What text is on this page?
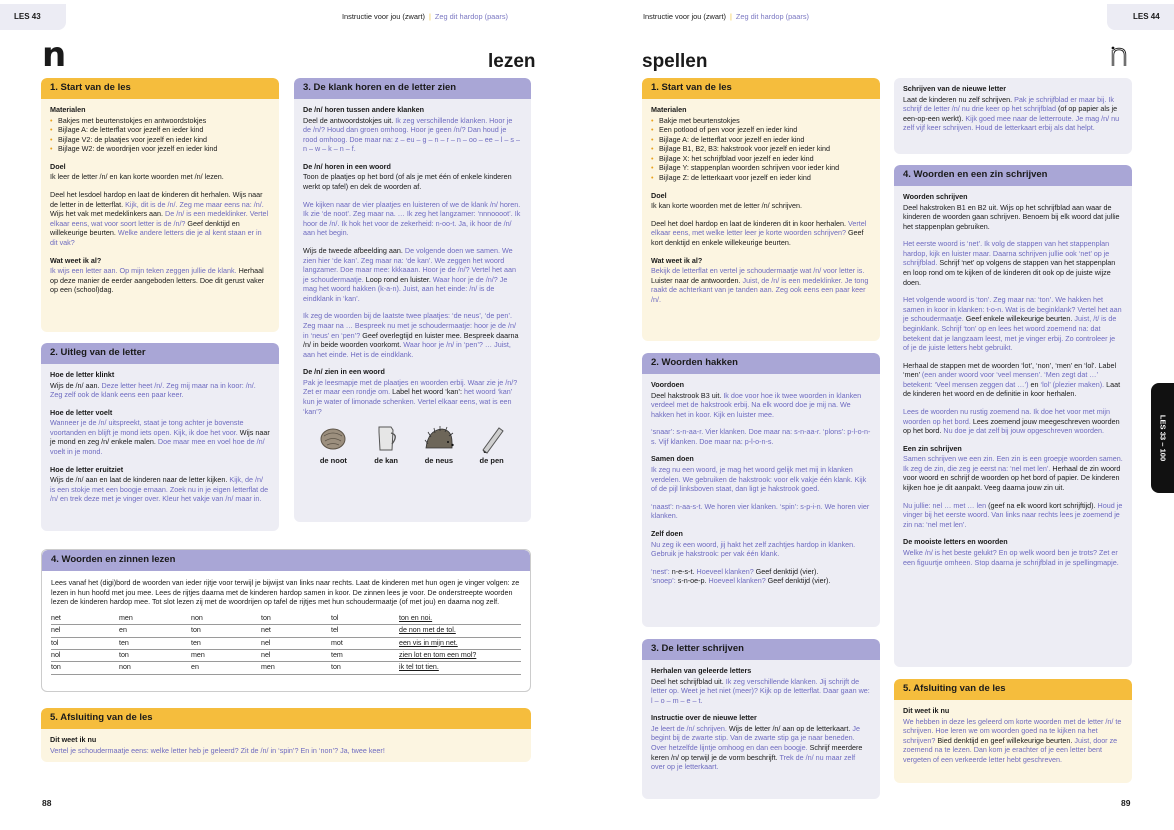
LES 43	Instructie voor jou (zwart) | Zeg dit hardop (paars)
n	lezen
1. Start van de les
Materialen
• Bakjes met beurtenstokjes en antwoordstokjes
• Bijlage A: de letterflat voor jezelf en ieder kind
• Bijlage V2: de plaatjes voor jezelf en ieder kind
• Bijlage W2: de woordrijen voor jezelf en ieder kind
Doel

Ik leer de letter /n/ en kan korte woorden met /n/ lezen.

Deel het lesdoel hardop en laat de kinderen dit herhalen. Wijs naar de letter in de letterflat. Kijk, dit is de /n/. Zeg me maar eens na: /n/. Wijs het vak met medeklinkers aan. De /n/ is een medeklinker. Vertel elkaar eens, wat voor soort letter is de /n/? Geef denktijd en willekeurige beurten. Welke andere letters die je al kent staan er in dit vak?

Wat weet ik al?

Ik wijs een letter aan. Op mijn teken zeggen jullie de klank. Herhaal op deze manier de eerder aangeboden letters. Doe dit gerust vaker op een (school)dag.

2. Uitleg van de letter
Hoe de letter klinkt

Wijs de /n/ aan. Deze letter heet /n/. Zeg mij maar na in koor: /n/. Zeg zelf ook de klank eens een paar keer.

Hoe de letter voelt

Wanneer je de /n/ uitspreekt, staat je tong achter je bovenste voortanden en blijft je mond iets open. Kijk, ik doe het voor. Wijs naar je mond en zeg /n/ enkele malen. Doe maar mee en voel hoe de /n/ voelt in je mond.

Hoe de letter eruitziet

Wijs de /n/ aan en laat de kinderen naar de letter kijken. Kijk, de /n/ is een stokje met een boogje ernaan. Zoek nu in je eigen letterflat de /n/ en trek deze met je vinger over. Kleur het vakje van /n/ maar in.

3. De klank horen en de letter zien
De /n/ horen tussen andere klanken

Deel de antwoordstokjes uit. Ik zeg verschillende klanken. Hoor je de /n/? Houd dan groen omhoog. Hoor je geen /n/? Dan houd je rood omhoog. Doe maar na: z – eu – g – n – r – n – oo – ee – l – s – n – w – k – n – f.

De /n/ horen in een woord

Toon de plaatjes op het bord (of als je met één of enkele kinderen werkt op tafel) en dek de woorden af.

We kijken naar de vier plaatjes en luisteren of we de klank /n/ horen. Ik zie ‘de noot’. Zeg maar na. … Ik zeg het langzamer: ‘nnnoooot’. Ik hoor de /n/. Ik hok het voor de zekerheid: n-oo-t. Ja, ik hoor de /n/ aan het begin.

Wijs de tweede afbeelding aan. De volgende doen we samen. We zien hier ‘de kan’. Zeg maar na: ‘de kan’. We zeggen het woord langzamer. Doe maar mee: kkkaaan. Hoor je de /n/? Vertel het aan je schoudermaatje. Loop rond en luister. Waar hoor je de /n/? Je mag het woord hakken (k-a-n). Juist, aan het einde: /n/ is de eindklank in ‘kan’.

Ik zeg de woorden bij de laatste twee plaatjes: ‘de neus’, ‘de pen’. Zeg maar na … Bespreek nu met je schoudermaatje: hoor je de /n/ in ‘neus’ en ‘pen’? Geef overlegtijd en luister mee. Bespreek daarna /n/ in beide woorden voorkomt. Waar hoor je /n/ in ‘pen’? … Juist, aan het einde. Het is de eindklank.

De /n/ zien in een woord

Pak je leesmapje met de plaatjes en woorden erbij. Waar zie je /n/? Zet er maar een rondje om. Label het woord ‘kan’: het woord ‘kan’ kun je water of limonade schenken. Vertel elkaar eens, wat is een ‘kan’?

de noot	de kan	de neus	de pen
4. Woorden en zinnen lezen
Lees vanaf het (digi)bord de woorden van ieder rijtje voor terwijl je bijwijst van links naar rechts. Laat de kinderen met hun ogen je vinger volgen: ze lezen in hun hoofd met jou mee. Lees de rijtjes daarna met de kinderen hardop samen in koor. De zinnen lees je voor. De onderstreepte woorden lezen de kinderen hardop mee. Tot slot lezen zij met de woordrijen op tafel de rijtjes met hun schoudermaatje (of met jou) en daarna nog zelf.
net	men	non	ton	tol	ton en noi.
nel	en	ton	net	tel	de non met de tol.
tol	ten	ten	nel	mot	een vis in mijn net.
nol	ton	men	nel	tem	zien lot en tom een mol?
ton	non	en	men	ton	ik tel tot tien.
5. Afsluiting van de les
Dit weet ik nu
Vertel je schoudermaatje eens: welke letter heb je geleerd? Zit de /n/ in ‘spin’? En in ‘non’? Ja, twee keer!
88
Instructie voor jou (zwart) | Zeg dit hardop (paars)	LES 44
spellen
1. Start van de les
Materialen
• Bakje met beurtenstokjes
• Een potlood of pen voor jezelf en ieder kind
• Bijlage A: de letterflat voor jezelf en ieder kind
• Bijlage B1, B2, B3: hakstrook voor jezelf en ieder kind
• Bijlage X: het schrijfblad voor jezelf en ieder kind
• Bijlage Y: stappenplan woorden schrijven voor ieder kind
• Bijlage Z: de letterkaart voor jezelf en ieder kind
Doel

Ik kan korte woorden met de letter /n/ schrijven.

Deel het doel hardop en laat de kinderen dit in koor herhalen. Vertel elkaar eens, met welke letter leer je korte woorden schrijven? Geef kort denktijd en enkele willekeurige beurten.

Wat weet ik al?

Bekijk de letterflat en vertel je schoudermaatje wat /n/ voor letter is. Luister naar de antwoorden. Juist, de /n/ is een medeklinker. Je tong raakt de achterkant van je tanden aan. Zeg ook eens een paar keer /n/.

2. Woorden hakken
Voordoen

Deel hakstrook B3 uit. Ik doe voor hoe ik twee woorden in klanken verdeel met de hakstrook erbij. Na elk woord doe je mij na. We hakken het in koor. Kijk en luister mee.

‘snaar’: s-n-aa-r. Vier klanken. Doe maar na: s-n-aa-r. ‘plons’: p-l-o-n-s. Vijf klanken. Doe maar na: p-l-o-n-s.

Samen doen

Ik zeg nu een woord, je mag het woord gelijk met mij in klanken verdelen. We gebruiken de hakstrook: voor elk vakje één klank. Kijk of de pijl linksboven staat, dan ligt je hakstrook goed.

‘naast’: n-aa-s-t. We horen vier klanken. ‘spin’: s-p-i-n. We horen vier klanken.

Zelf doen

Nu zeg ik een woord, jij hakt het zelf zachtjes hardop in klanken. Gebruik je hakstrook: per vak één klank.

‘nest’: n-e-s-t. Hoeveel klanken? Geef denktijd (vier).
‘snoep’: s-n-oe-p. Hoeveel klanken? Geef denktijd (vier).

3. De letter schrijven
Herhalen van geleerde letters

Deel het schrijfblad uit. Ik zeg verschillende klanken. Jij schrijft de letter op. Weet je het niet (meer)? Kijk op de letterflat. Daar gaan we: l – o – m – e – t.

Instructie over de nieuwe letter

Je leert de /n/ schrijven. Wijs de letter /n/ aan op de letterkaart. Je begint bij de zwarte stip. Van de zwarte stip ga je naar beneden. Over hetzelfde lijntje omhoog en dan een boogje. Schrijf meerdere keren /n/ op terwijl je de vorm beschrijft. Trek de /n/ nu maar zelf over op je letterkaart.

Schrijven van de nieuwe letter

Laat de kinderen nu zelf schrijven. Pak je schrijfblad er maar bij. Ik schrijf de letter /n/ nu drie keer op het schrijfblad (of op papier als je een-op-een werkt). Kijk goed mee naar de letterroute. Je mag /n/ nu zelf vijf keer schrijven. Houd de letterkaart erbij als dat helpt.

4. Woorden en een zin schrijven
Woorden schrijven

Deel hakstroken B1 en B2 uit. Wijs op het schrijfblad aan waar de kinderen de woorden gaan schrijven. Benoem bij elk woord dat jullie het stappenplan gebruiken.

Het eerste woord is ‘net’. Ik volg de stappen van het stappenplan hardop, kijk en luister maar. Daarna schrijven jullie ook ‘net’ op je schrijfblad. Schrijf ‘net’ op volgens de stappen van het stappenplan en loop rond om te kijken of de kinderen dit ook op de juiste wijze doen.

Het volgende woord is ‘ton’. Zeg maar na: ‘ton’. We hakken het samen in koor in klanken: t-o-n. Wat is de beginklank? Vertel het aan je schoudermaatje. Geef enkele willekeurige beurten. Juist, /t/ is de beginklank. Schrijf ‘ton’ op en lees het woord zoemend na: dat betekent dat je langzaam leest, met je vinger erbij. Zo controleer je of je de juiste letters hebt gebruikt.

Herhaal de stappen met de woorden ‘lot’, ‘non’, ‘men’ en ‘lol’. Label ‘men’ (een ander woord voor ‘veel mensen’. ‘Men zegt dat …’ betekent: ‘Veel mensen zeggen dat …’) en ‘lol’ (plezier maken). Laat de kinderen het woord en de definitie in koor herhalen.

Lees de woorden nu rustig zoemend na. Ik doe het voor met mijn woorden op het bord. Lees zoemend jouw meegeschreven woorden op het bord. Nu doe je dat zelf bij jouw opgeschreven woorden.

Een zin schrijven

Samen schrijven we een zin. Een zin is een groepje woorden samen. Ik zeg de zin, die zeg je eerst na: ‘nel met len’. Herhaal de zin woord voor woord en schrijf de woorden op het bord of papier. De kinderen kijken hoe je dit aanpakt. Veeg daarna jouw zin uit.

Nu jullie: nel … met … len (geef na elk woord kort schrijftijd). Houd je vinger bij het eerste woord. Van links naar rechts lees je zoemend je zin na: ‘nel met len’.

De mooiste letters en woorden

Welke /n/ is het beste gelukt? En op welk woord ben je trots? Zet er een figuurtje omheen. Stop daarna je schrijfblad in je spellingmapje.

5. Afsluiting van de les
Dit weet ik nu

We hebben in deze les geleerd om korte woorden met de letter /n/ te schrijven. Hoe leren we om woorden goed na te kijken na het schrijven? Bied denktijd en geef willekeurige beurten. Juist, door ze zoemend na te lezen. Dan kom je erachter of je een letter bent vergeten of een verkeerde letter hebt geschreven.

89
LES 33 – 100
